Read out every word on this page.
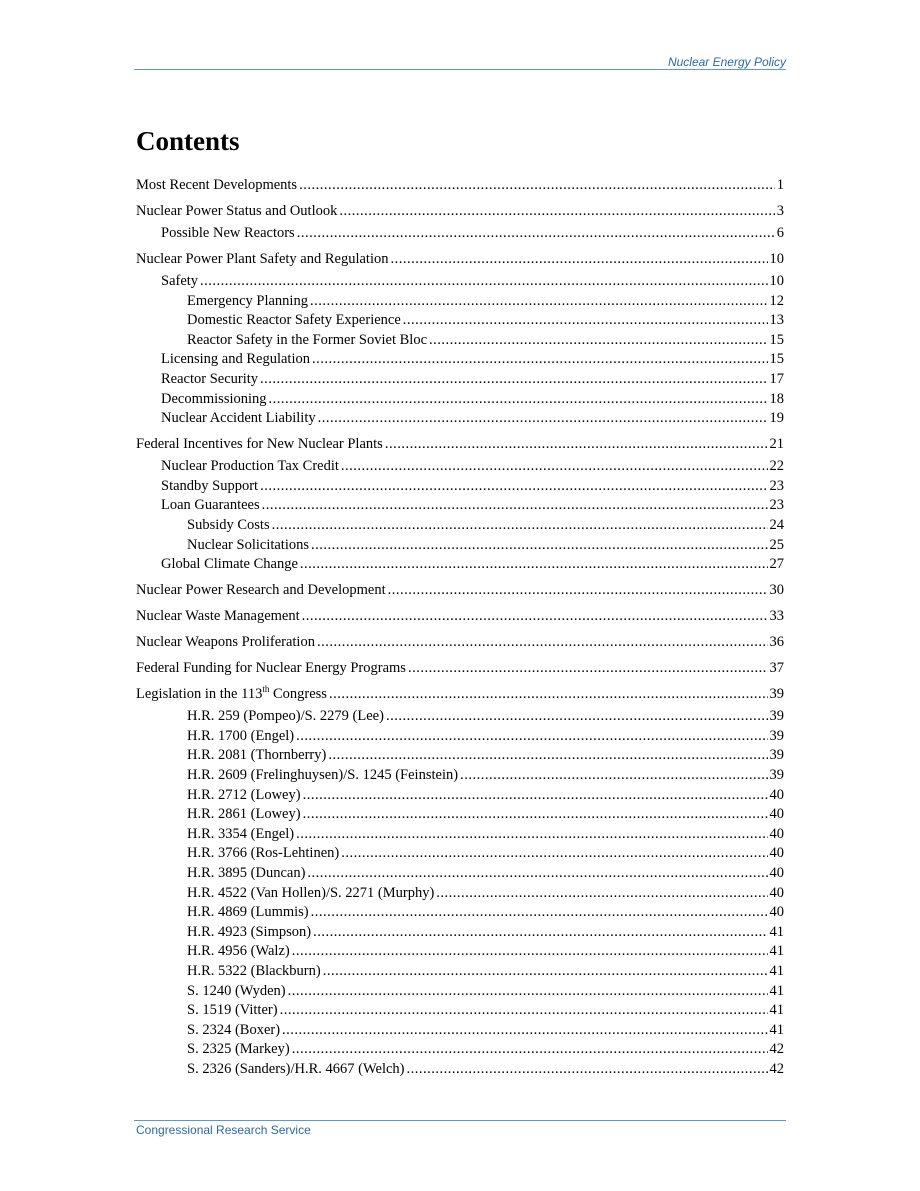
Nuclear Energy Policy
Contents
Most Recent Developments .....	1
Nuclear Power Status and Outlook .....	3
Possible New Reactors .....	6
Nuclear Power Plant Safety and Regulation .....	10
Safety .....	10
Emergency Planning .....	12
Domestic Reactor Safety Experience .....	13
Reactor Safety in the Former Soviet Bloc .....	15
Licensing and Regulation .....	15
Reactor Security .....	17
Decommissioning .....	18
Nuclear Accident Liability .....	19
Federal Incentives for New Nuclear Plants .....	21
Nuclear Production Tax Credit .....	22
Standby Support .....	23
Loan Guarantees .....	23
Subsidy Costs .....	24
Nuclear Solicitations .....	25
Global Climate Change .....	27
Nuclear Power Research and Development .....	30
Nuclear Waste Management .....	33
Nuclear Weapons Proliferation .....	36
Federal Funding for Nuclear Energy Programs .....	37
Legislation in the 113th Congress .....	39
H.R. 259 (Pompeo)/S. 2279 (Lee) .....	39
H.R. 1700 (Engel) .....	39
H.R. 2081 (Thornberry) .....	39
H.R. 2609 (Frelinghuysen)/S. 1245 (Feinstein) .....	39
H.R. 2712 (Lowey) .....	40
H.R. 2861 (Lowey) .....	40
H.R. 3354 (Engel) .....	40
H.R. 3766 (Ros-Lehtinen) .....	40
H.R. 3895 (Duncan) .....	40
H.R. 4522 (Van Hollen)/S. 2271 (Murphy) .....	40
H.R. 4869 (Lummis) .....	40
H.R. 4923 (Simpson) .....	41
H.R. 4956 (Walz) .....	41
H.R. 5322 (Blackburn) .....	41
S. 1240 (Wyden) .....	41
S. 1519 (Vitter) .....	41
S. 2324 (Boxer) .....	41
S. 2325 (Markey) .....	42
S. 2326 (Sanders)/H.R. 4667 (Welch) .....	42
Congressional Research Service
